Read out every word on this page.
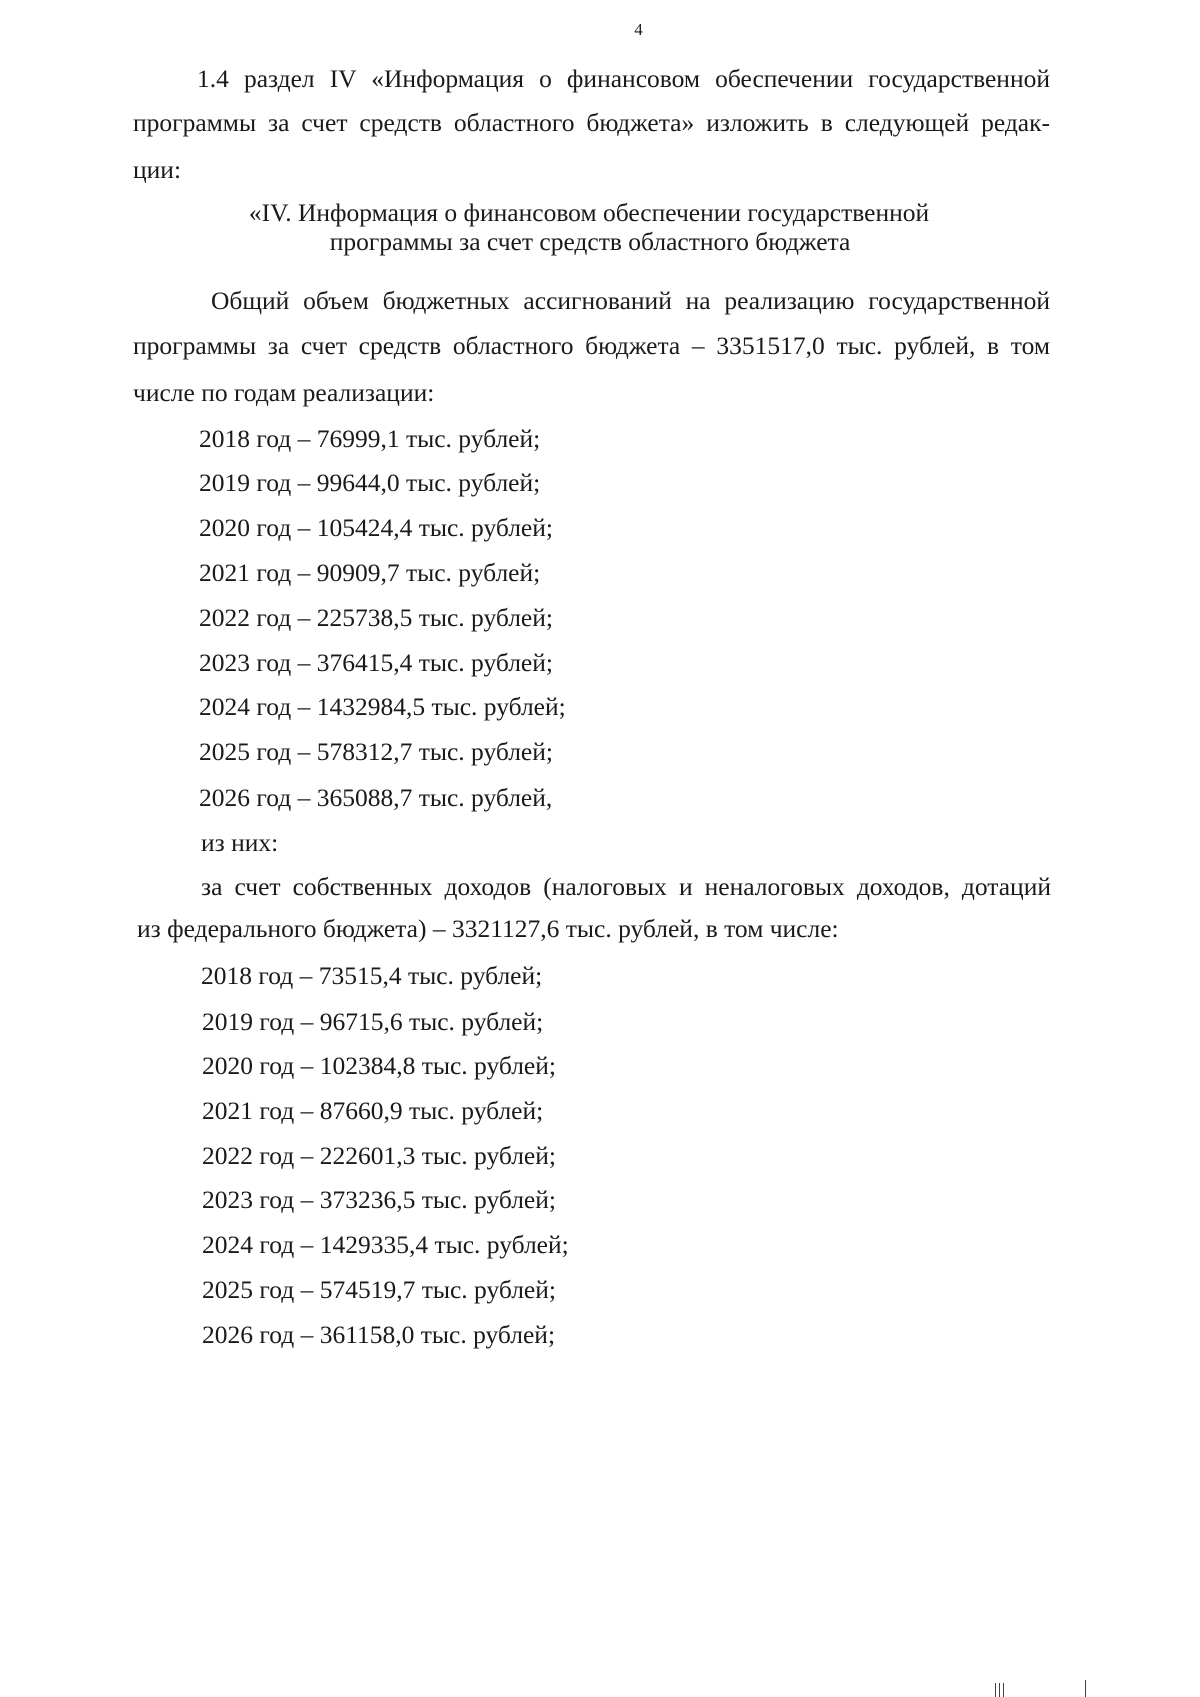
4
1.4 раздел IV «Информация о финансовом обеспечении государственной
программы за счет средств областного бюджета» изложить в следующей редак-
ции:
«IV. Информация о финансовом обеспечении государственной
программы за счет средств областного бюджета
Общий объем бюджетных ассигнований на реализацию государственной
программы за счет средств областного бюджета – 3351517,0 тыс. рублей, в том
числе по годам реализации:
2018 год – 76999,1 тыс. рублей;
2019 год – 99644,0 тыс. рублей;
2020 год – 105424,4 тыс. рублей;
2021 год – 90909,7 тыс. рублей;
2022 год – 225738,5 тыс. рублей;
2023 год – 376415,4 тыс. рублей;
2024 год – 1432984,5 тыс. рублей;
2025 год – 578312,7 тыс. рублей;
2026 год – 365088,7 тыс. рублей,
из них:
за счет собственных доходов (налоговых и неналоговых доходов, дотаций
из федерального бюджета) – 3321127,6 тыс. рублей, в том числе:
2018 год – 73515,4 тыс. рублей;
2019 год – 96715,6 тыс. рублей;
2020 год – 102384,8 тыс. рублей;
2021 год – 87660,9 тыс. рублей;
2022 год – 222601,3 тыс. рублей;
2023 год – 373236,5 тыс. рублей;
2024 год – 1429335,4 тыс. рублей;
2025 год – 574519,7 тыс. рублей;
2026 год – 361158,0 тыс. рублей;
